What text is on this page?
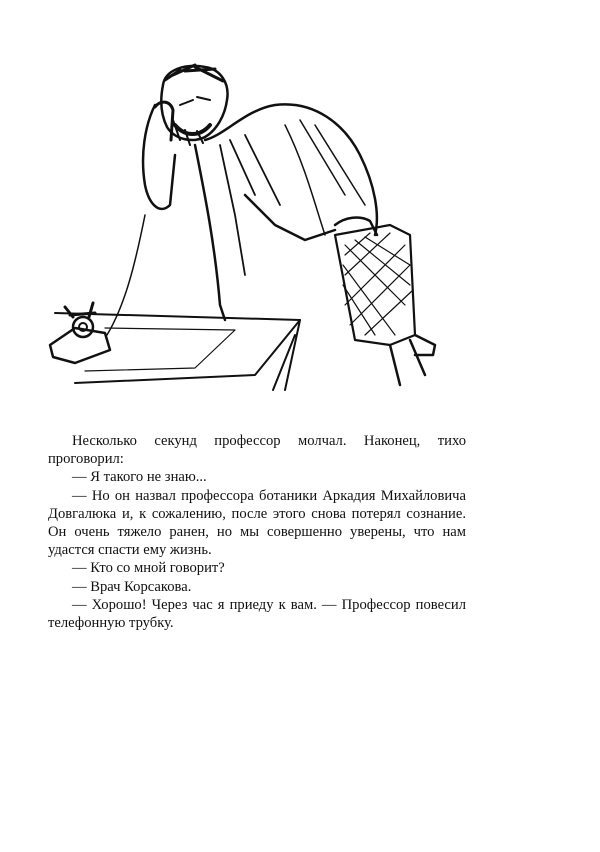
Несколько секунд профессор молчал. Наконец, тихо проговорил:

— Я такого не знаю...

— Но он назвал профессора ботаники Аркадия Михайловича Довгалюка и, к сожалению, после этого снова потерял сознание. Он очень тяжело ранен, но мы совершенно уверены, что нам удастся спасти ему жизнь.

— Кто со мной говорит?

— Врач Корсакова.

— Хорошо! Через час я приеду к вам. — Профессор повесил телефонную трубку.
